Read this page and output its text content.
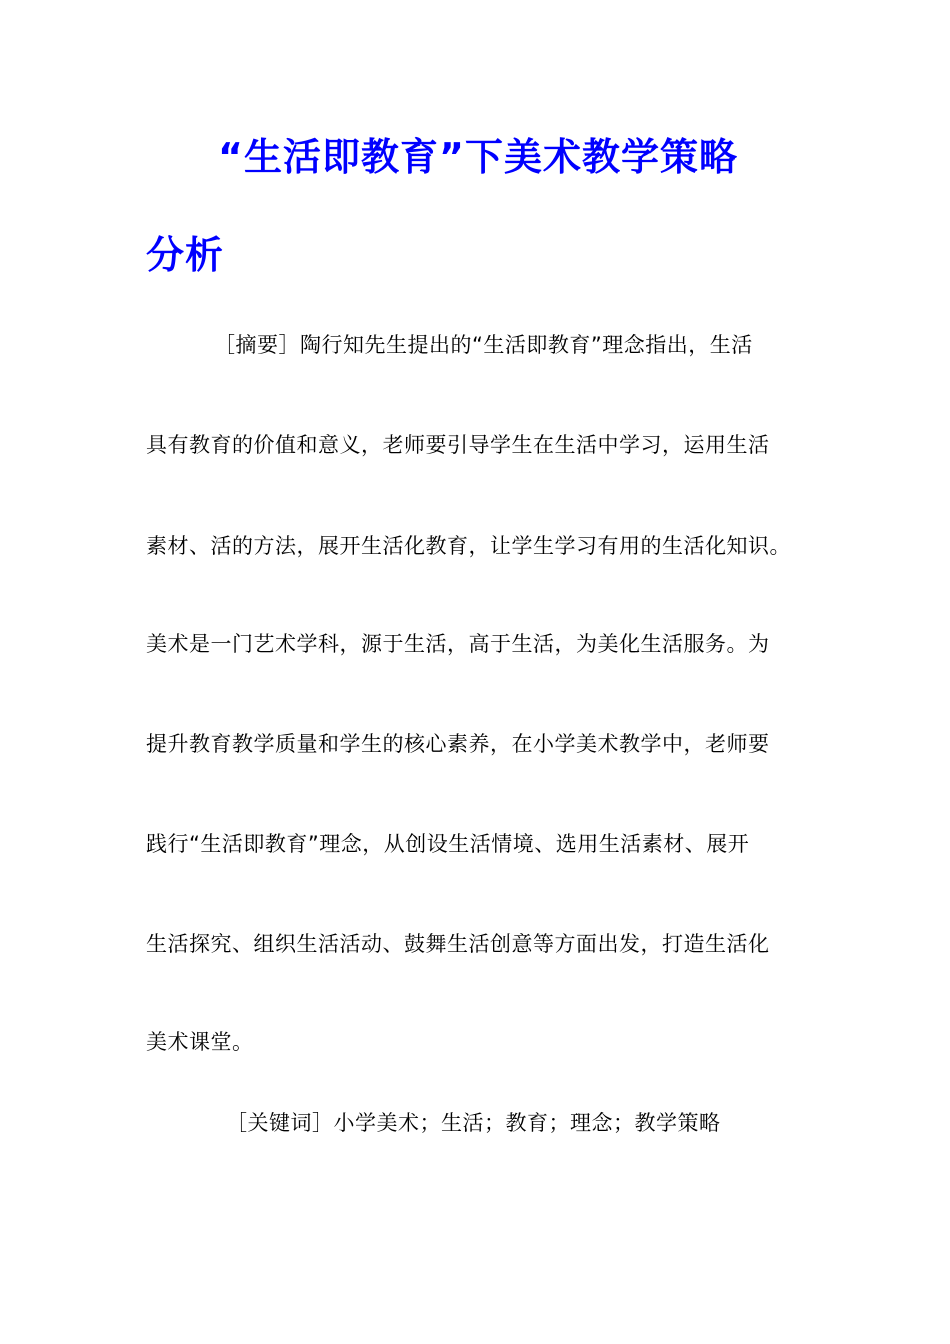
“生活即教育”下美术教学策略
分析
［摘要］陶行知先生提出的“生活即教育”理念指出，生活
具有教育的价值和意义，老师要引导学生在生活中学习，运用生活
素材、活的方法，展开生活化教育，让学生学习有用的生活化知识。
美术是一门艺术学科，源于生活，高于生活，为美化生活服务。为
提升教育教学质量和学生的核心素养，在小学美术教学中，老师要
践行“生活即教育”理念，从创设生活情境、选用生活素材、展开
生活探究、组织生活活动、鼓舞生活创意等方面出发，打造生活化
美术课堂。
［关键词］小学美术；生活；教育；理念；教学策略
